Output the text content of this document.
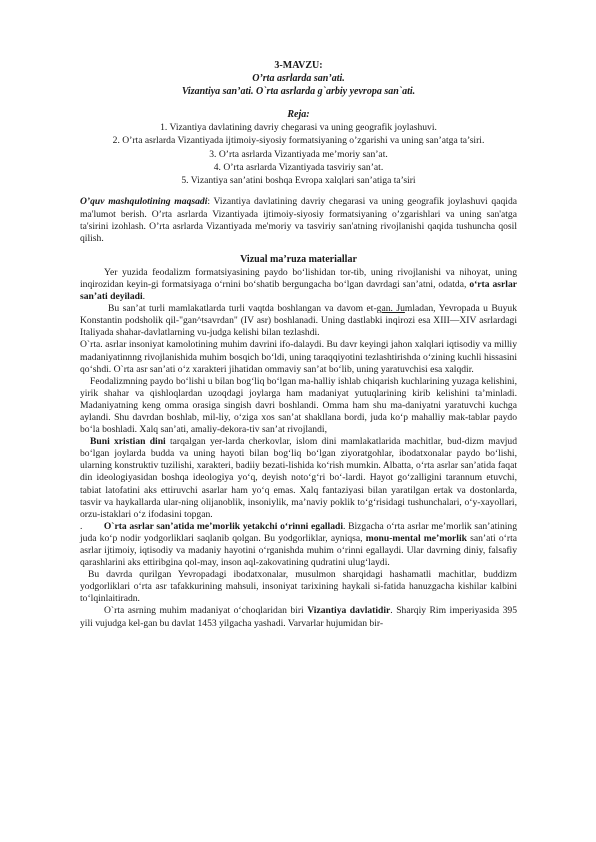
3-MAVZU:
O’rta asrlarda san’ati.
Vizantiya san’ati. O`rta asrlarda g`arbiy yevropa san`ati.
Reja:
1. Vizantiya davlatining davriy chegarasi va uning geografik joylashuvi.
2. O’rta asrlarda Vizantiyada ijtimoiy-siyosiy formatsiyaning o’zgarishi va uning san’atga ta’siri.
3. O’rta asrlarda Vizantiyada me’moriy san’at.
4. O’rta asrlarda Vizantiyada tasviriy san’at.
5. Vizantiya san’atini boshqa Evropa xalqlari san’atiga ta’siri

O’quv mashqulotining maqsadi: Vizantiya davlatining davriy chegarasi va uning geografik joylashuvi qaqida ma'lumot berish. O’rta asrlarda Vizantiyada ijtimoiy-siyosiy formatsiyaning o’zgarishlari va uning san'atga ta'sirini izohlash. O’rta asrlarda Vizantiyada me'moriy va tasviriy san'atning rivojlanishi qaqida tushuncha qosil qilish.

Vizual ma’ruza materiallar

Yer yuzida feodalizm formatsiyasining paydo bo‘lishidan tor-tib, uning rivojlanishi va nihoyat, uning inqirozidan keyin-gi formatsiyaga o‘rnini bo‘shatib bergungacha bo‘lgan davrdagi san’atni, odatda, o‘rta asrlar san’ati deyiladi.

Bu san’at turli mamlakatlarda turli vaqtda boshlangan va davom et-gan. Jumladan, Yevropada u Buyuk Konstantin podsholik qil-"gan^tsavrdan" (IV asr) boshlanadi. Uning dastlabki inqirozi esa XIII—XIV asrlardagi Italiyada shahar-davlatlarning vu-judga kelishi bilan tezlashdi.

O`rta. asrlar insoniyat kamolotining muhim davrini ifo-dalaydi. Bu davr keyingi jahon xalqlari iqtisodiy va milliy madaniyatinnng rivojlanishida muhim bosqich bo‘ldi, uning taraqqiyotini tezlashtirishda o‘zining kuchli hissasini qo‘shdi. O`rta asr san’ati o‘z xarakteri jihatidan ommaviy san’at bo‘lib, uning yaratuvchisi esa xalqdir.

Feodalizmning paydo bo‘lishi u bilan bog‘liq bo‘lgan ma-halliy ishlab chiqarish kuchlarining yuzaga kelishini, yirik shahar va qishloqlardan uzoqdagi joylarga ham madaniyat yutuqlarining kirib kelishini ta’minladi. Madaniyatning keng omma orasiga singish davri boshlandi. Omma ham shu ma-daniyatni yaratuvchi kuchga aylandi. Shu davrdan boshlab, mil-liy, o‘ziga xos san’at shakllana bordi, juda ko‘p mahalliy mak-tablar paydo bo‘la boshladi. Xalq san’ati, amaliy-dekora-tiv san’at rivojlandi,

Buni xristian dini tarqalgan yer-larda cherkovlar, islom dini mamlakatlarida machitlar, bud-dizm mavjud bo‘lgan joylarda budda va uning hayoti bilan bog‘liq bo‘lgan ziyoratgohlar, ibodatxonalar paydo bo‘lishi, ularning konstruktiv tuzilishi, xarakteri, badiiy bezati-lishida ko‘rish mumkin. Albatta, o‘rta asrlar san’atida faqat din ideologiyasidan boshqa ideologiya yo‘q, deyish noto‘g‘ri bo‘-lardi. Hayot go‘zalligini tarannum etuvchi, tabiat latofatini aks ettiruvchi asarlar ham yo‘q emas. Xalq fantaziyasi bilan yaratilgan ertak va dostonlarda, tasvir va haykallarda ular-ning olijanoblik, insoniylik, ma’naviy poklik to‘g‘risidagi tushunchalari, o‘y-xayollari, orzu-istaklari o‘z ifodasini topgan.

.        O`rta asrlar san’atida me’morlik yetakchi o‘rinni egalladi. Bizgacha o‘rta asrlar me’morlik san’atining juda ko‘p nodir yodgorliklari saqlanib qolgan. Bu yodgorliklar, ayniqsa, monu-mental me’morlik san’ati o‘rta asrlar ijtimoiy, iqtisodiy va madaniy hayotini o‘rganishda muhim o‘rinni egallaydi. Ular davrning diniy, falsafiy qarashlarini aks ettiribgina qol-may, inson aql-zakovatining qudratini ulug‘laydi.

Bu davrda qurilgan Yevropadagi ibodatxonalar, musulmon sharqidagi hashamatli machitlar, buddizm yodgorliklari o‘rta asr tafakkurining mahsuli, insoniyat tarixining haykali si-fatida hanuzgacha kishilar kalbini to‘lqinlaitiradn.

O`rta asrning muhim madaniyat o‘choqlaridan biri Vizantiya davlatidir. Sharqiy Rim imperiyasida 395 yili vujudga kel-gan bu davlat 1453 yilgacha yashadi. Varvarlar hujumidan bir-
